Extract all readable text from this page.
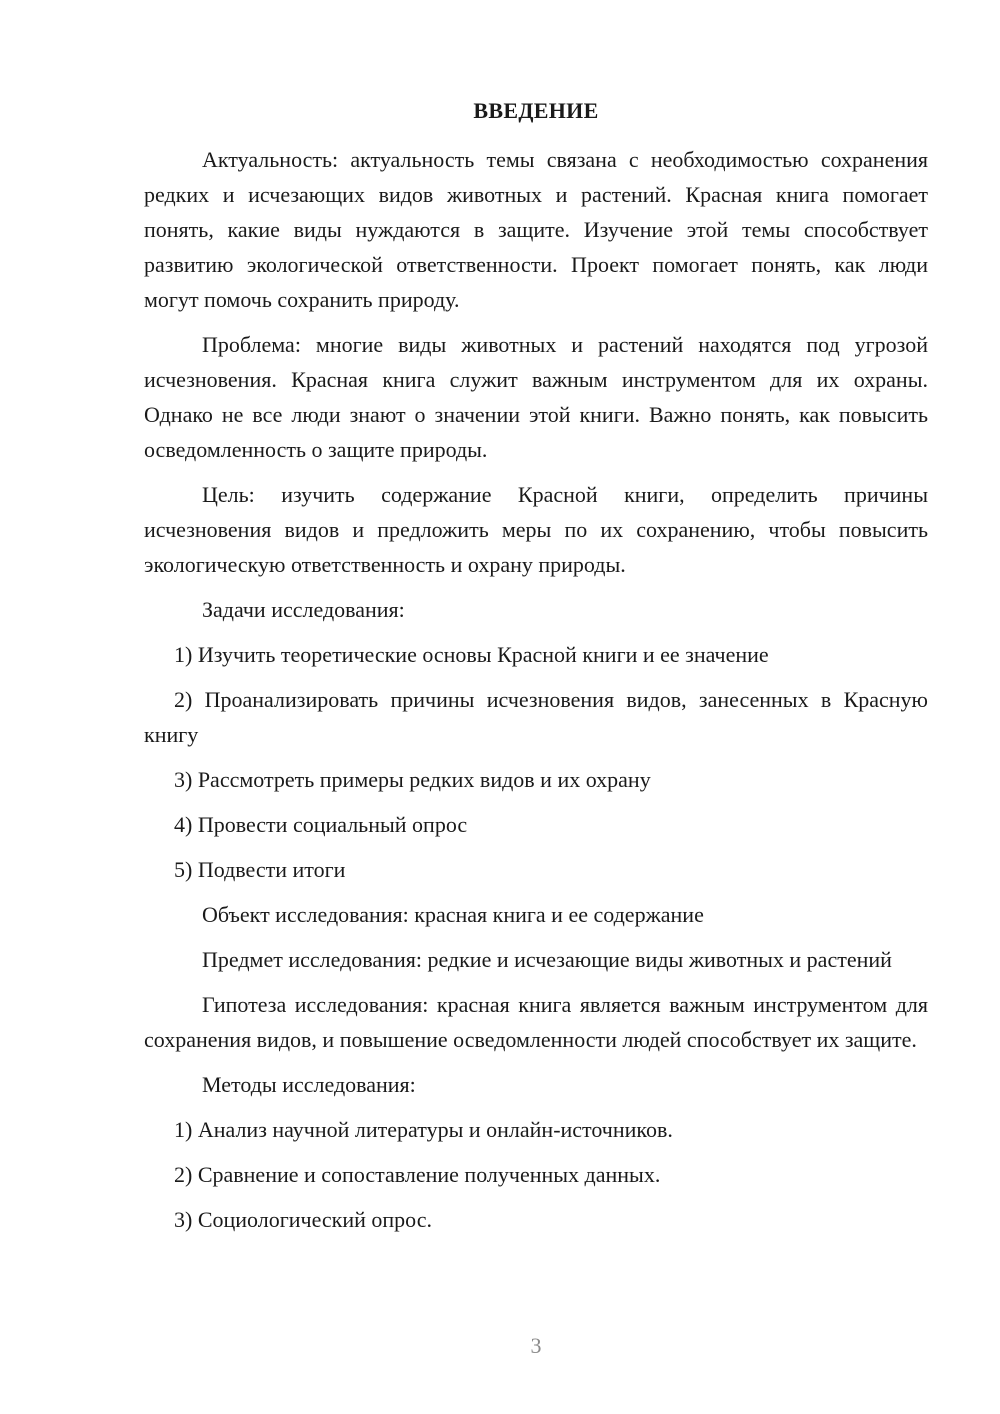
ВВЕДЕНИЕ

Актуальность: актуальность темы связана с необходимостью сохранения редких и исчезающих видов животных и растений. Красная книга помогает понять, какие виды нуждаются в защите. Изучение этой темы способствует развитию экологической ответственности. Проект помогает понять, как люди могут помочь сохранить природу.

Проблема: многие виды животных и растений находятся под угрозой исчезновения. Красная книга служит важным инструментом для их охраны. Однако не все люди знают о значении этой книги. Важно понять, как повысить осведомленность о защите природы.

Цель: изучить содержание Красной книги, определить причины исчезновения видов и предложить меры по их сохранению, чтобы повысить экологическую ответственность и охрану природы.

Задачи исследования:

1) Изучить теоретические основы Красной книги и ее значение

2) Проанализировать причины исчезновения видов, занесенных в Красную книгу

3) Рассмотреть примеры редких видов и их охрану

4) Провести социальный опрос

5) Подвести итоги

Объект исследования: красная книга и ее содержание

Предмет исследования: редкие и исчезающие виды животных и растений

Гипотеза исследования: красная книга является важным инструментом для сохранения видов, и повышение осведомленности людей способствует их защите.

Методы исследования:

1) Анализ научной литературы и онлайн-источников.

2) Сравнение и сопоставление полученных данных.

3) Социологический опрос.

3
